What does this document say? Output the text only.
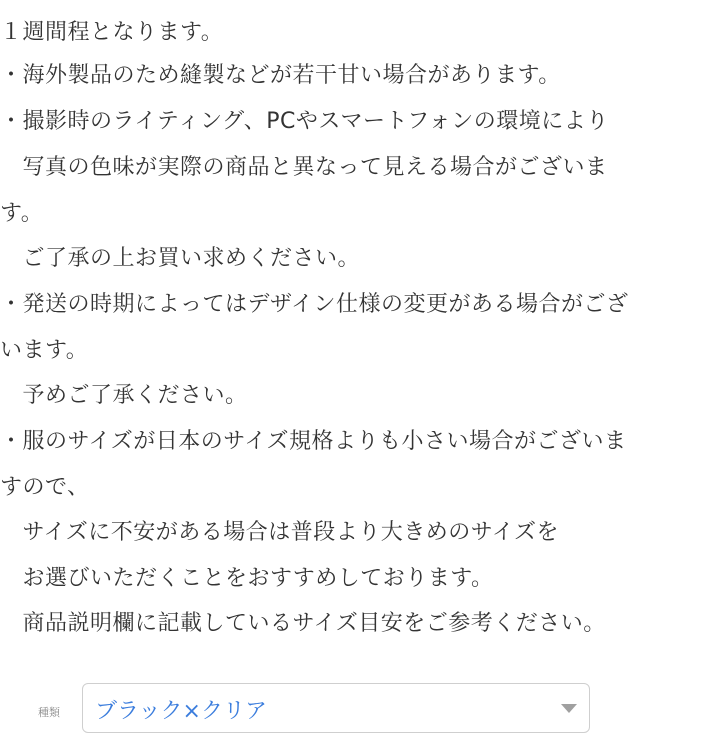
１週間程となります。
・海外製品のため縫製などが若干甘い場合があります。
・撮影時のライティング、PCやスマートフォンの環境により
　写真の色味が実際の商品と異なって見える場合がございま
す。
　ご了承の上お買い求めください。
・発送の時期によってはデザイン仕様の変更がある場合がござ
います。
　予めご了承ください。
・服のサイズが日本のサイズ規格よりも小さい場合がございま
すので、
　サイズに不安がある場合は普段より大きめのサイズを
　お選びいただくことをおすすめしております。
　商品説明欄に記載しているサイズ目安をご参考ください。
種類 ブラック×クリア
